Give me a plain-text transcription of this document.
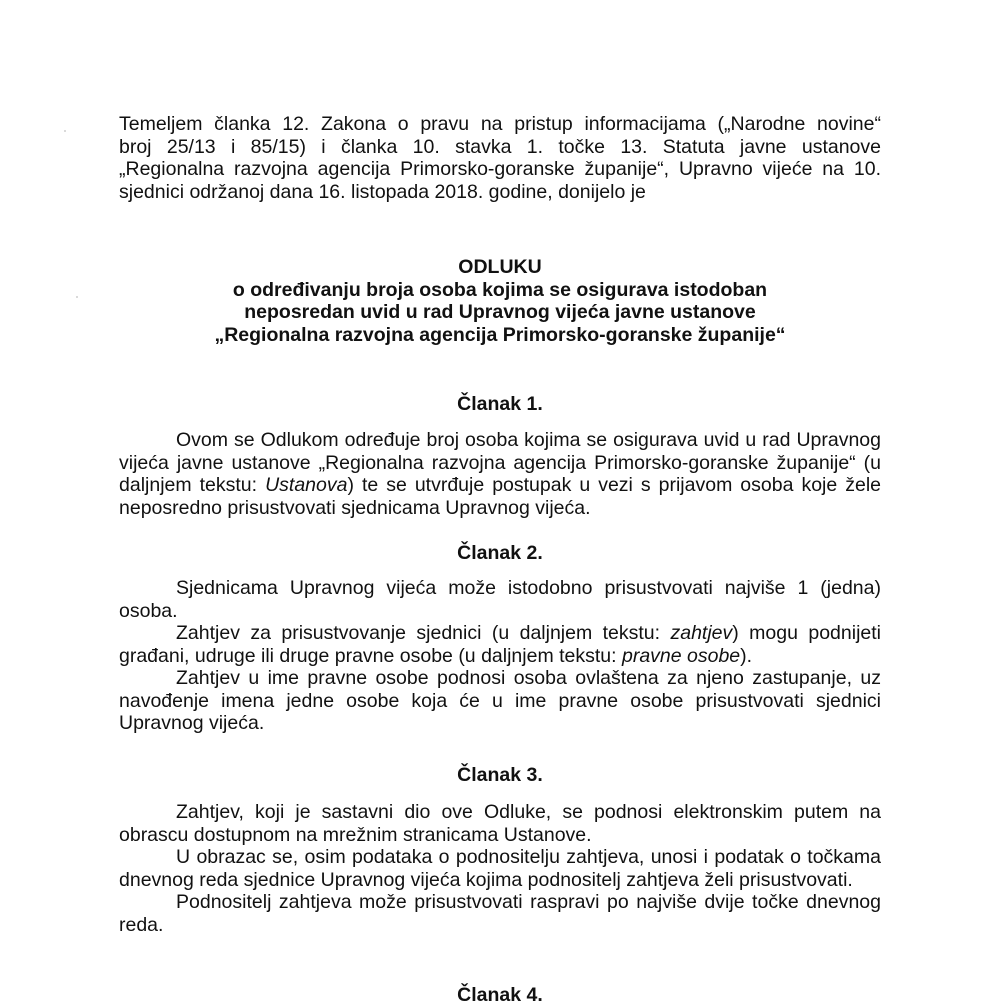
Temeljem članka 12. Zakona o pravu na pristup informacijama („Narodne novine“
broj 25/13 i 85/15) i članka 10. stavka 1. točke 13. Statuta javne ustanove
„Regionalna razvojna agencija Primorsko-goranske županije“, Upravno vijeće na 10.
sjednici održanoj dana 16. listopada 2018. godine, donijelo je
ODLUKU
o određivanju broja osoba kojima se osigurava istodoban
neposredan uvid u rad Upravnog vijeća javne ustanove
„Regionalna razvojna agencija Primorsko-goranske županije“
Članak 1.

Ovom se Odlukom određuje broj osoba kojima se osigurava uvid u rad Upravnog vijeća javne ustanove „Regionalna razvojna agencija Primorsko-goranske županije“ (u daljnjem tekstu: Ustanova) te se utvrđuje postupak u vezi s prijavom osoba koje žele neposredno prisustvovati sjednicama Upravnog vijeća.

Članak 2.

Sjednicama Upravnog vijeća može istodobno prisustvovati najviše 1 (jedna) osoba.

Zahtjev za prisustvovanje sjednici (u daljnjem tekstu: zahtjev) mogu podnijeti građani, udruge ili druge pravne osobe (u daljnjem tekstu: pravne osobe).

Zahtjev u ime pravne osobe podnosi osoba ovlaštena za njeno zastupanje, uz navođenje imena jedne osobe koja će u ime pravne osobe prisustvovati sjednici Upravnog vijeća.

Članak 3.

Zahtjev, koji je sastavni dio ove Odluke, se podnosi elektronskim putem na obrascu dostupnom na mrežnim stranicama Ustanove.

U obrazac se, osim podataka o podnositelju zahtjeva, unosi i podatak o točkama dnevnog reda sjednice Upravnog vijeća kojima podnositelj zahtjeva želi prisustvovati.

Podnositelj zahtjeva može prisustvovati raspravi po najviše dvije točke dnevnog reda.

Članak 4.
